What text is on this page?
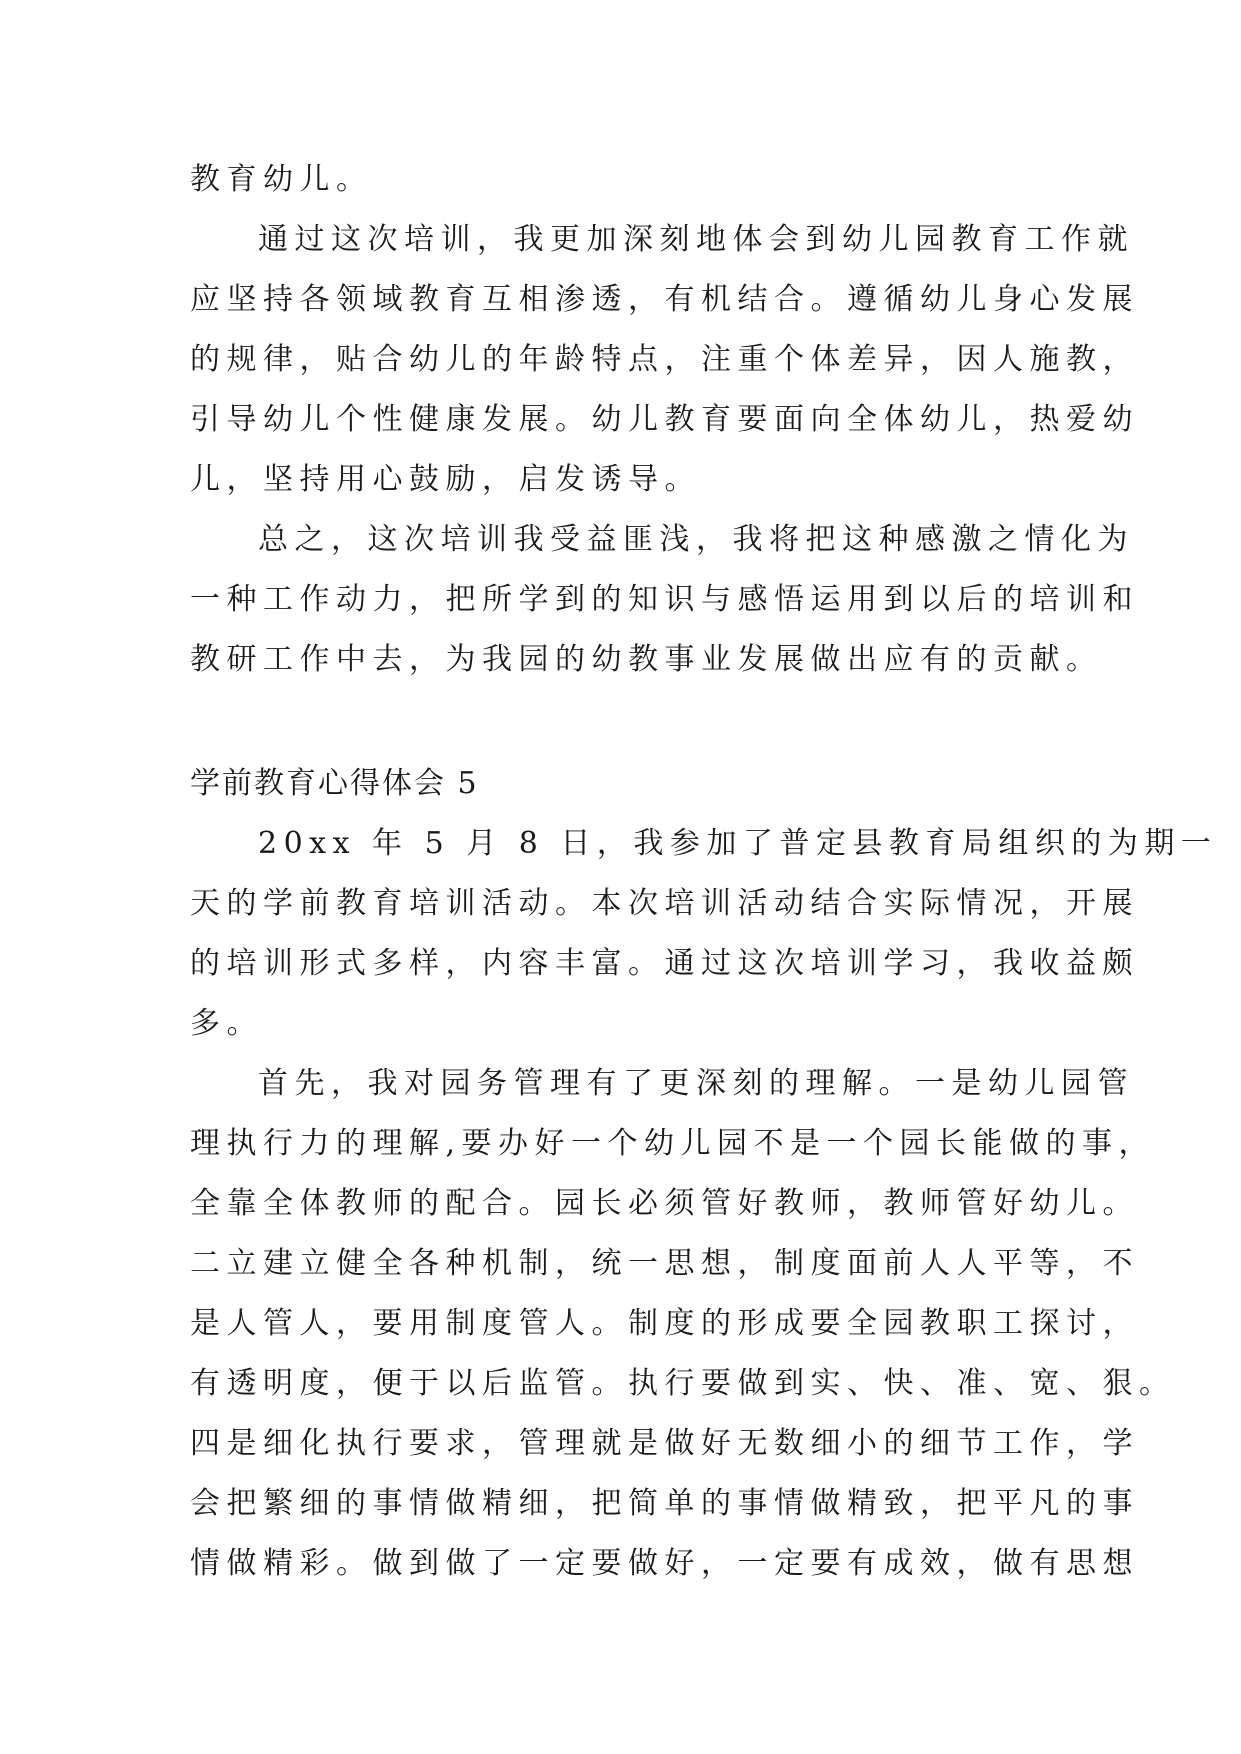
教育幼儿。
通过这次培训，我更加深刻地体会到幼儿园教育工作就
应坚持各领域教育互相渗透，有机结合。遵循幼儿身心发展
的规律，贴合幼儿的年龄特点，注重个体差异，因人施教，
引导幼儿个性健康发展。幼儿教育要面向全体幼儿，热爱幼
儿，坚持用心鼓励，启发诱导。
总之，这次培训我受益匪浅，我将把这种感激之情化为
一种工作动力，把所学到的知识与感悟运用到以后的培训和
教研工作中去，为我园的幼教事业发展做出应有的贡献。
学前教育心得体会 5
20xx 年 5 月 8 日，我参加了普定县教育局组织的为期一
天的学前教育培训活动。本次培训活动结合实际情况，开展
的培训形式多样，内容丰富。通过这次培训学习，我收益颇
多。
首先，我对园务管理有了更深刻的理解。一是幼儿园管
理执行力的理解,要办好一个幼儿园不是一个园长能做的事，
全靠全体教师的配合。园长必须管好教师，教师管好幼儿。
二立建立健全各种机制，统一思想，制度面前人人平等，不
是人管人，要用制度管人。制度的形成要全园教职工探讨，
有透明度，便于以后监管。执行要做到实、快、准、宽、狠。
四是细化执行要求，管理就是做好无数细小的细节工作，学
会把繁细的事情做精细，把简单的事情做精致，把平凡的事
情做精彩。做到做了一定要做好，一定要有成效，做有思想
